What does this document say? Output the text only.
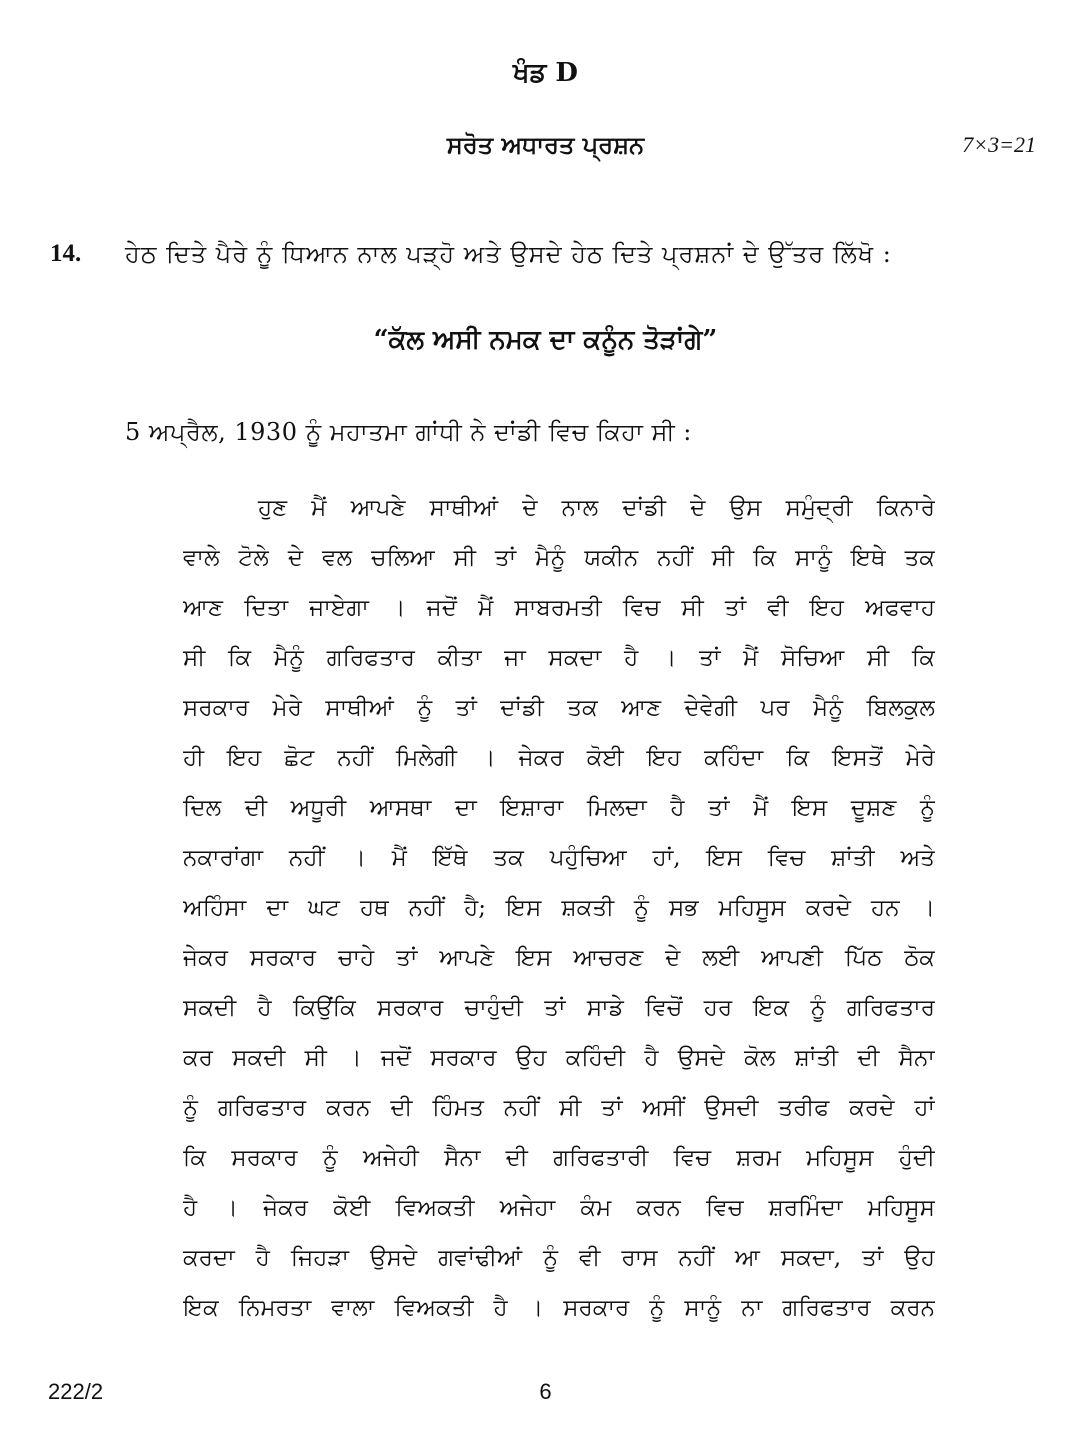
ਖੰਡ D
ਸਰੋਤ ਅਧਾਰਤ ਪ੍ਰਸ਼ਨ	7×3=21
14. ਹੇਠ ਦਿਤੇ ਪੈਰੇ ਨੂੰ ਧਿਆਨ ਨਾਲ ਪੜ੍ਹੋ ਅਤੇ ਉਸਦੇ ਹੇਠ ਦਿਤੇ ਪ੍ਰਸ਼ਨਾਂ ਦੇ ਉੱਤਰ ਲਿੱਖੋ :
“ਕੱਲ ਅਸੀ ਨਮਕ ਦਾ ਕਨੂੰਨ ਤੋੜਾਂਗੇ”
5 ਅਪ੍ਰੈਲ, 1930 ਨੂੰ ਮਹਾਤਮਾ ਗਾਂਧੀ ਨੇ ਦਾਂਡੀ ਵਿਚ ਕਿਹਾ ਸੀ :
ਹੁਣ ਮੈਂ ਆਪਣੇ ਸਾਥੀਆਂ ਦੇ ਨਾਲ ਦਾਂਡੀ ਦੇ ਉਸ ਸਮੁੰਦ੍ਰੀ ਕਿਨਾਰੇ
ਵਾਲੇ ਟੋਲੇ ਦੇ ਵਲ ਚਲਿਆ ਸੀ ਤਾਂ ਮੈਨੂੰ ਯਕੀਨ ਨਹੀਂ ਸੀ ਕਿ ਸਾਨੂੰ ਇਥੇ ਤਕ
ਆਣ ਦਿਤਾ ਜਾਏਗਾ । ਜਦੋਂ ਮੈਂ ਸਾਬਰਮਤੀ ਵਿਚ ਸੀ ਤਾਂ ਵੀ ਇਹ ਅਫਵਾਹ
ਸੀ ਕਿ ਮੈਨੂੰ ਗਰਿਫਤਾਰ ਕੀਤਾ ਜਾ ਸਕਦਾ ਹੈ । ਤਾਂ ਮੈਂ ਸੋਚਿਆ ਸੀ ਕਿ
ਸਰਕਾਰ ਮੇਰੇ ਸਾਥੀਆਂ ਨੂੰ ਤਾਂ ਦਾਂਡੀ ਤਕ ਆਣ ਦੇਵੇਗੀ ਪਰ ਮੈਨੂੰ ਬਿਲਕੁਲ
ਹੀ ਇਹ ਛੋਟ ਨਹੀਂ ਮਿਲੇਗੀ । ਜੇਕਰ ਕੋਈ ਇਹ ਕਹਿੰਦਾ ਕਿ ਇਸਤੋਂ ਮੇਰੇ
ਦਿਲ ਦੀ ਅਧੂਰੀ ਆਸਥਾ ਦਾ ਇਸ਼ਾਰਾ ਮਿਲਦਾ ਹੈ ਤਾਂ ਮੈਂ ਇਸ ਦੂਸ਼ਣ ਨੂੰ
ਨਕਾਰਾਂਗਾ ਨਹੀਂ । ਮੈਂ ਇੱਥੇ ਤਕ ਪਹੁੰਚਿਆ ਹਾਂ, ਇਸ ਵਿਚ ਸ਼ਾਂਤੀ ਅਤੇ
ਅਹਿੰਸਾ ਦਾ ਘਟ ਹਥ ਨਹੀਂ ਹੈ; ਇਸ ਸ਼ਕਤੀ ਨੂੰ ਸਭ ਮਹਿਸੂਸ ਕਰਦੇ ਹਨ ।
ਜੇਕਰ ਸਰਕਾਰ ਚਾਹੇ ਤਾਂ ਆਪਣੇ ਇਸ ਆਚਰਣ ਦੇ ਲਈ ਆਪਣੀ ਪਿੱਠ ਠੋਕ
ਸਕਦੀ ਹੈ ਕਿਉਂਕਿ ਸਰਕਾਰ ਚਾਹੁੰਦੀ ਤਾਂ ਸਾਡੇ ਵਿਚੋਂ ਹਰ ਇਕ ਨੂੰ ਗਰਿਫਤਾਰ
ਕਰ ਸਕਦੀ ਸੀ । ਜਦੋਂ ਸਰਕਾਰ ਉਹ ਕਹਿੰਦੀ ਹੈ ਉਸਦੇ ਕੋਲ ਸ਼ਾਂਤੀ ਦੀ ਸੈਨਾ
ਨੂੰ ਗਰਿਫਤਾਰ ਕਰਨ ਦੀ ਹਿੰਮਤ ਨਹੀਂ ਸੀ ਤਾਂ ਅਸੀਂ ਉਸਦੀ ਤਰੀਫ ਕਰਦੇ ਹਾਂ
ਕਿ ਸਰਕਾਰ ਨੂੰ ਅਜੇਹੀ ਸੈਨਾ ਦੀ ਗਰਿਫਤਾਰੀ ਵਿਚ ਸ਼ਰਮ ਮਹਿਸੂਸ ਹੁੰਦੀ
ਹੈ । ਜੇਕਰ ਕੋਈ ਵਿਅਕਤੀ ਅਜੇਹਾ ਕੰਮ ਕਰਨ ਵਿਚ ਸ਼ਰਮਿੰਦਾ ਮਹਿਸੂਸ
ਕਰਦਾ ਹੈ ਜਿਹੜਾ ਉਸਦੇ ਗਵਾਂਢੀਆਂ ਨੂੰ ਵੀ ਰਾਸ ਨਹੀਂ ਆ ਸਕਦਾ, ਤਾਂ ਉਹ
ਇਕ ਨਿਮਰਤਾ ਵਾਲਾ ਵਿਅਕਤੀ ਹੈ । ਸਰਕਾਰ ਨੂੰ ਸਾਨੂੰ ਨਾ ਗਰਿਫਤਾਰ ਕਰਨ
222/2	6
